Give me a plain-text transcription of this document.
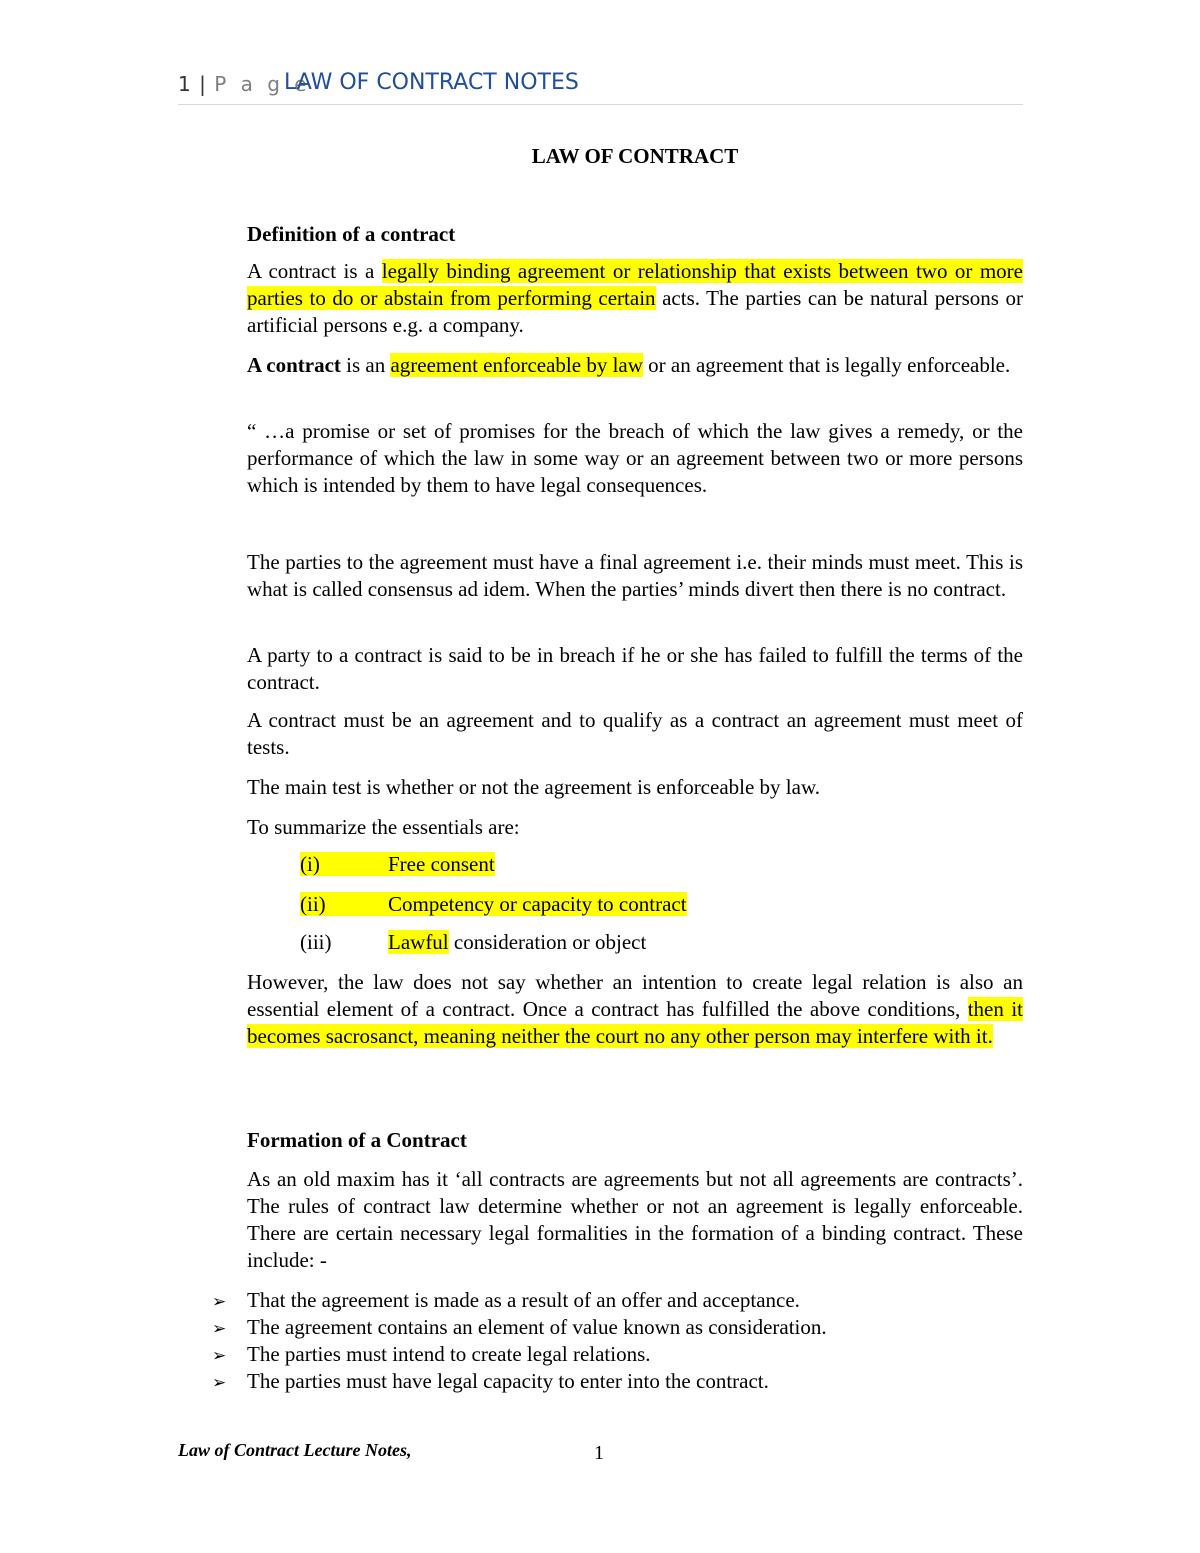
1 | P a g e
LAW OF CONTRACT NOTES
LAW OF CONTRACT
Definition of a contract
A contract is a legally binding agreement or relationship that exists between two or more parties to do or abstain from performing certain acts. The parties can be natural persons or artificial persons e.g. a company.
A contract is an agreement enforceable by law or an agreement that is legally enforceable.
“ …a promise or set of promises for the breach of which the law gives a remedy, or the performance of which the law in some way or an agreement between two or more persons which is intended by them to have legal consequences.
The parties to the agreement must have a final agreement i.e. their minds must meet. This is what is called consensus ad idem. When the parties’ minds divert then there is no contract.
A party to a contract is said to be in breach if he or she has failed to fulfill the terms of the contract.
A contract must be an agreement and to qualify as a contract an agreement must meet of tests.
The main test is whether or not the agreement is enforceable by law.
To summarize the essentials are:
(i)	Free consent
(ii)	Competency or capacity to contract
(iii)	Lawful consideration or object
However, the law does not say whether an intention to create legal relation is also an essential element of a contract. Once a contract has fulfilled the above conditions, then it becomes sacrosanct, meaning neither the court no any other person may interfere with it.
Formation of a Contract
As an old maxim has it ‘all contracts are agreements but not all agreements are contracts’. The rules of contract law determine whether or not an agreement is legally enforceable. There are certain necessary legal formalities in the formation of a binding contract. These include: -
➢ That the agreement is made as a result of an offer and acceptance.
➢ The agreement contains an element of value known as consideration.
➢ The parties must intend to create legal relations.
➢ The parties must have legal capacity to enter into the contract.
Law of Contract Lecture Notes,	1
